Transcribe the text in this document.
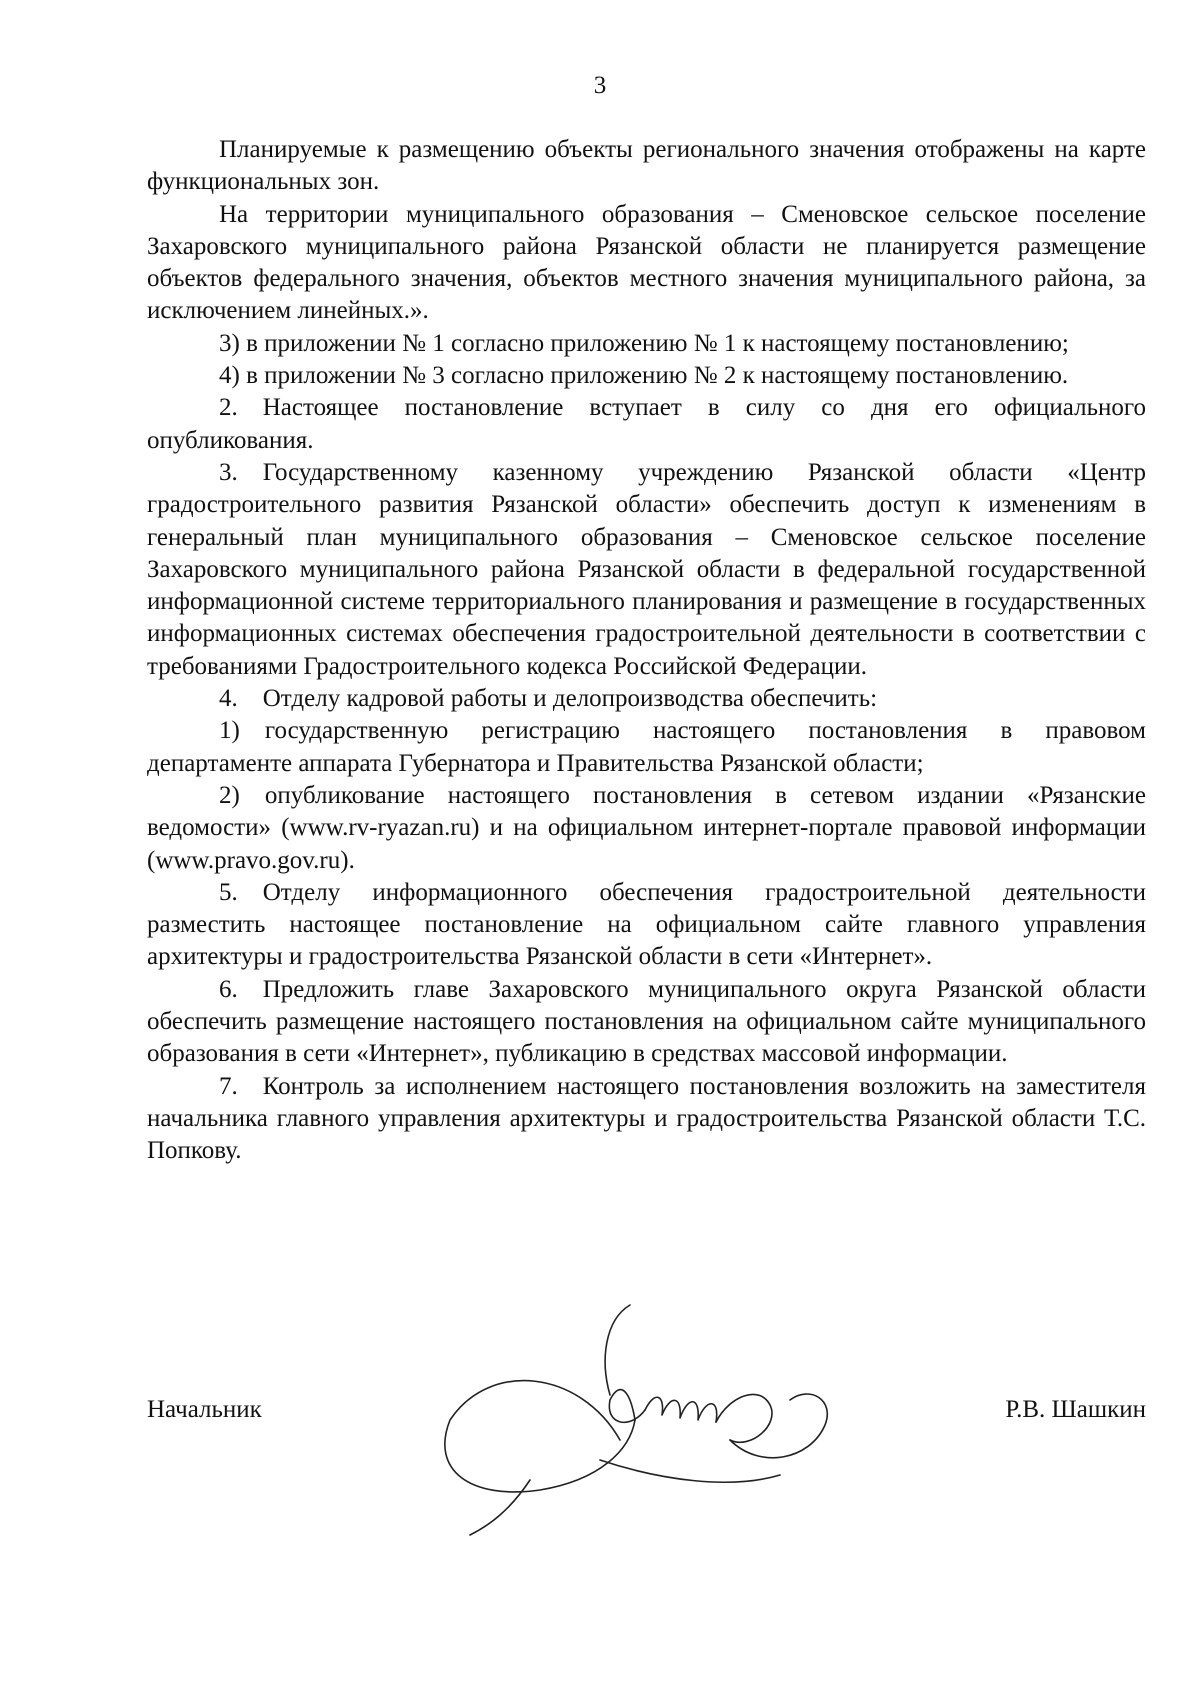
3

Планируемые к размещению объекты регионального значения отображены на карте функциональных зон.

На территории муниципального образования – Сменовское сельское поселение Захаровского муниципального района Рязанской области не планируется размещение объектов федерального значения, объектов местного значения муниципального района, за исключением линейных.».

3) в приложении № 1 согласно приложению № 1 к настоящему постановлению;

4) в приложении № 3 согласно приложению № 2 к настоящему постановлению.

2. Настоящее постановление вступает в силу со дня его официального опубликования.

3. Государственному казенному учреждению Рязанской области «Центр градостроительного развития Рязанской области» обеспечить доступ к изменениям в генеральный план муниципального образования – Сменовское сельское поселение Захаровского муниципального района Рязанской области в федеральной государственной информационной системе территориального планирования и размещение в государственных информационных системах обеспечения градостроительной деятельности в соответствии с требованиями Градостроительного кодекса Российской Федерации.

4. Отделу кадровой работы и делопроизводства обеспечить:

1) государственную регистрацию настоящего постановления в правовом департаменте аппарата Губернатора и Правительства Рязанской области;

2) опубликование настоящего постановления в сетевом издании «Рязанские ведомости» (www.rv-ryazan.ru) и на официальном интернет-портале правовой информации (www.pravo.gov.ru).

5. Отделу информационного обеспечения градостроительной деятельности разместить настоящее постановление на официальном сайте главного управления архитектуры и градостроительства Рязанской области в сети «Интернет».

6. Предложить главе Захаровского муниципального округа Рязанской области обеспечить размещение настоящего постановления на официальном сайте муниципального образования в сети «Интернет», публикацию в средствах массовой информации.

7. Контроль за исполнением настоящего постановления возложить на заместителя начальника главного управления архитектуры и градостроительства Рязанской области Т.С. Попкову.

Начальник	Р.В. Шашкин
